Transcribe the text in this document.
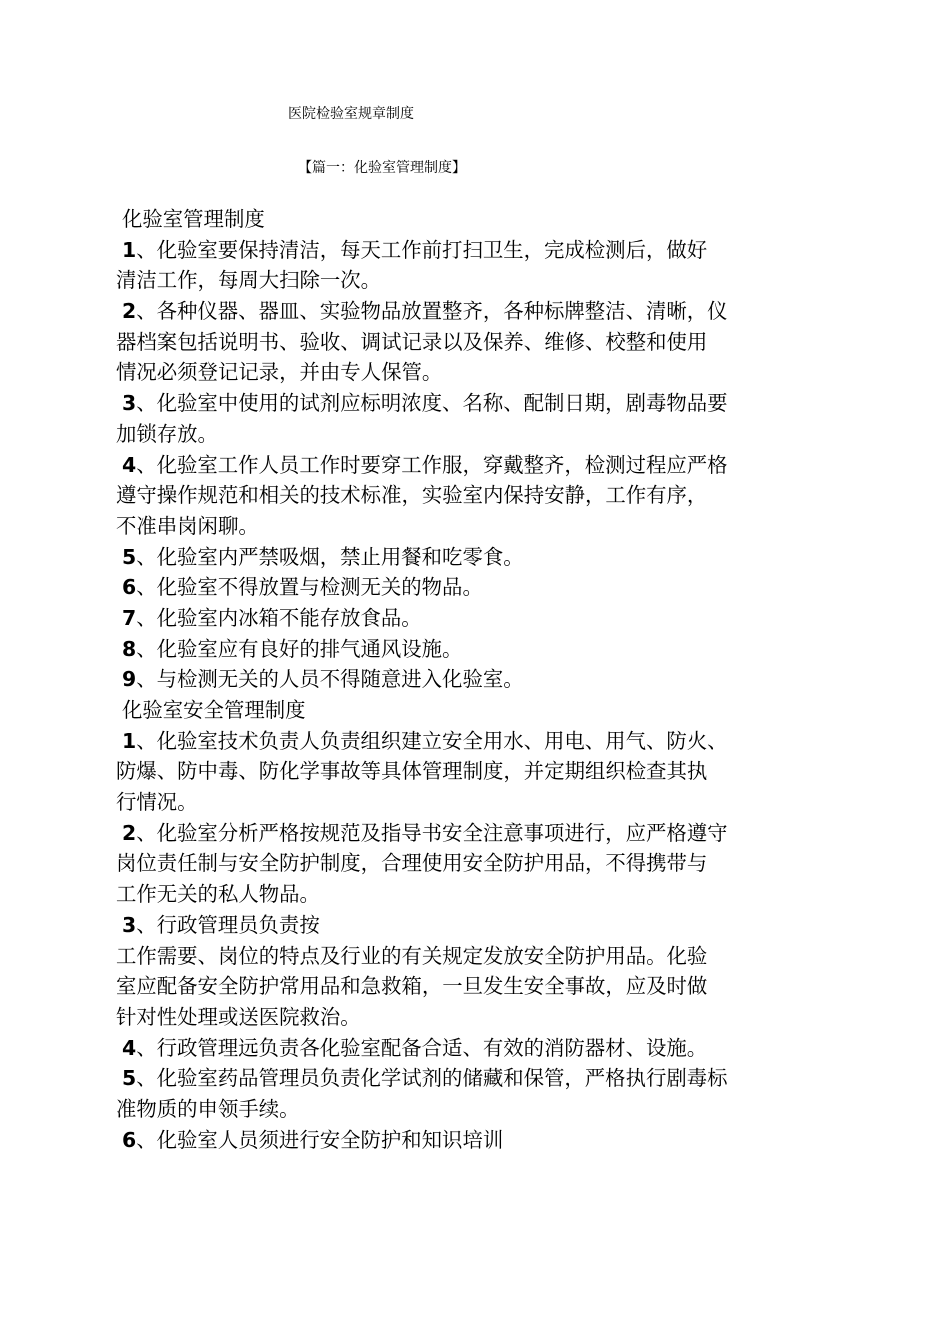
医院检验室规章制度
【篇一：化验室管理制度】
化验室管理制度
1、化验室要保持清洁，每天工作前打扫卫生，完成检测后，做好
清洁工作，每周大扫除一次。
2、各种仪器、器皿、实验物品放置整齐，各种标牌整洁、清晰，仪
器档案包括说明书、验收、调试记录以及保养、维修、校整和使用
情况必须登记记录，并由专人保管。
3、化验室中使用的试剂应标明浓度、名称、配制日期，剧毒物品要
加锁存放。
4、化验室工作人员工作时要穿工作服，穿戴整齐，检测过程应严格
遵守操作规范和相关的技术标准，实验室内保持安静，工作有序，
不准串岗闲聊。
5、化验室内严禁吸烟，禁止用餐和吃零食。
6、化验室不得放置与检测无关的物品。
7、化验室内冰箱不能存放食品。
8、化验室应有良好的排气通风设施。
9、与检测无关的人员不得随意进入化验室。
化验室安全管理制度
1、化验室技术负责人负责组织建立安全用水、用电、用气、防火、
防爆、防中毒、防化学事故等具体管理制度，并定期组织检查其执
行情况。
2、化验室分析严格按规范及指导书安全注意事项进行，应严格遵守
岗位责任制与安全防护制度，合理使用安全防护用品，不得携带与
工作无关的私人物品。
3、行政管理员负责按
工作需要、岗位的特点及行业的有关规定发放安全防护用品。化验
室应配备安全防护常用品和急救箱，一旦发生安全事故，应及时做
针对性处理或送医院救治。
4、行政管理远负责各化验室配备合适、有效的消防器材、设施。
5、化验室药品管理员负责化学试剂的储藏和保管，严格执行剧毒标
准物质的申领手续。
6、化验室人员须进行安全防护和知识培训
